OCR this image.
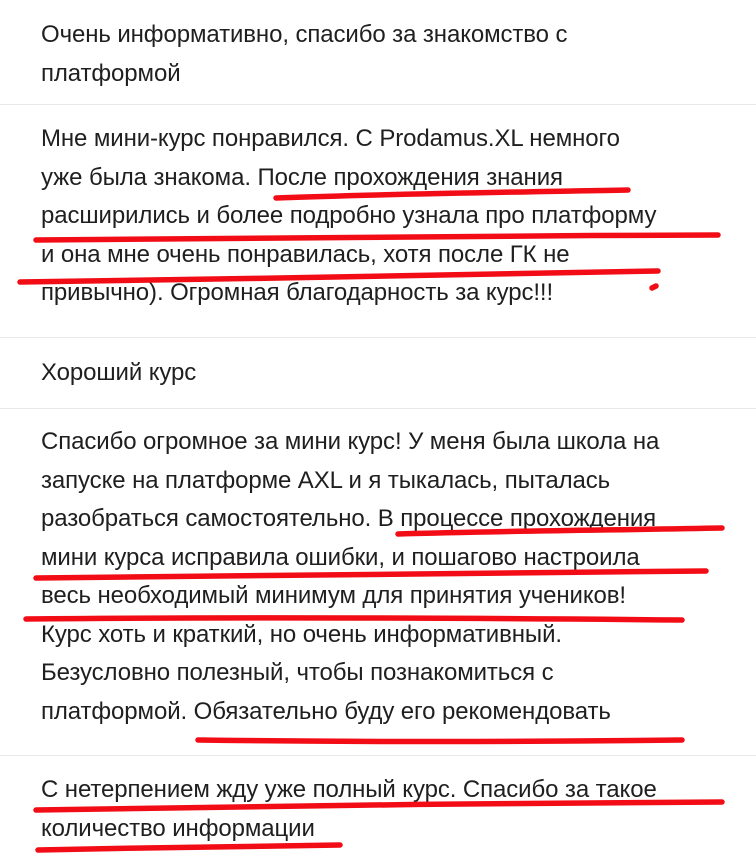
Очень информативно, спасибо за знакомство с
платформой

Мне мини-курс понравился. С Prodamus.XL немного
уже была знакома. После прохождения знания
расширились и более подробно узнала про платформу
и она мне очень понравилась, хотя после ГК не
привычно). Огромная благодарность за курс!!!

Хороший курс

Спасибо огромное за мини курс! У меня была школа на
запуске на платформе AXL и я тыкалась, пыталась
разобраться самостоятельно. В процессе прохождения
мини курса исправила ошибки, и пошагово настроила
весь необходимый минимум для принятия учеников!
Курс хоть и краткий, но очень информативный.
Безусловно полезный, чтобы познакомиться с
платформой. Обязательно буду его рекомендовать

С нетерпением жду уже полный курс. Спасибо за такое
количество информации
